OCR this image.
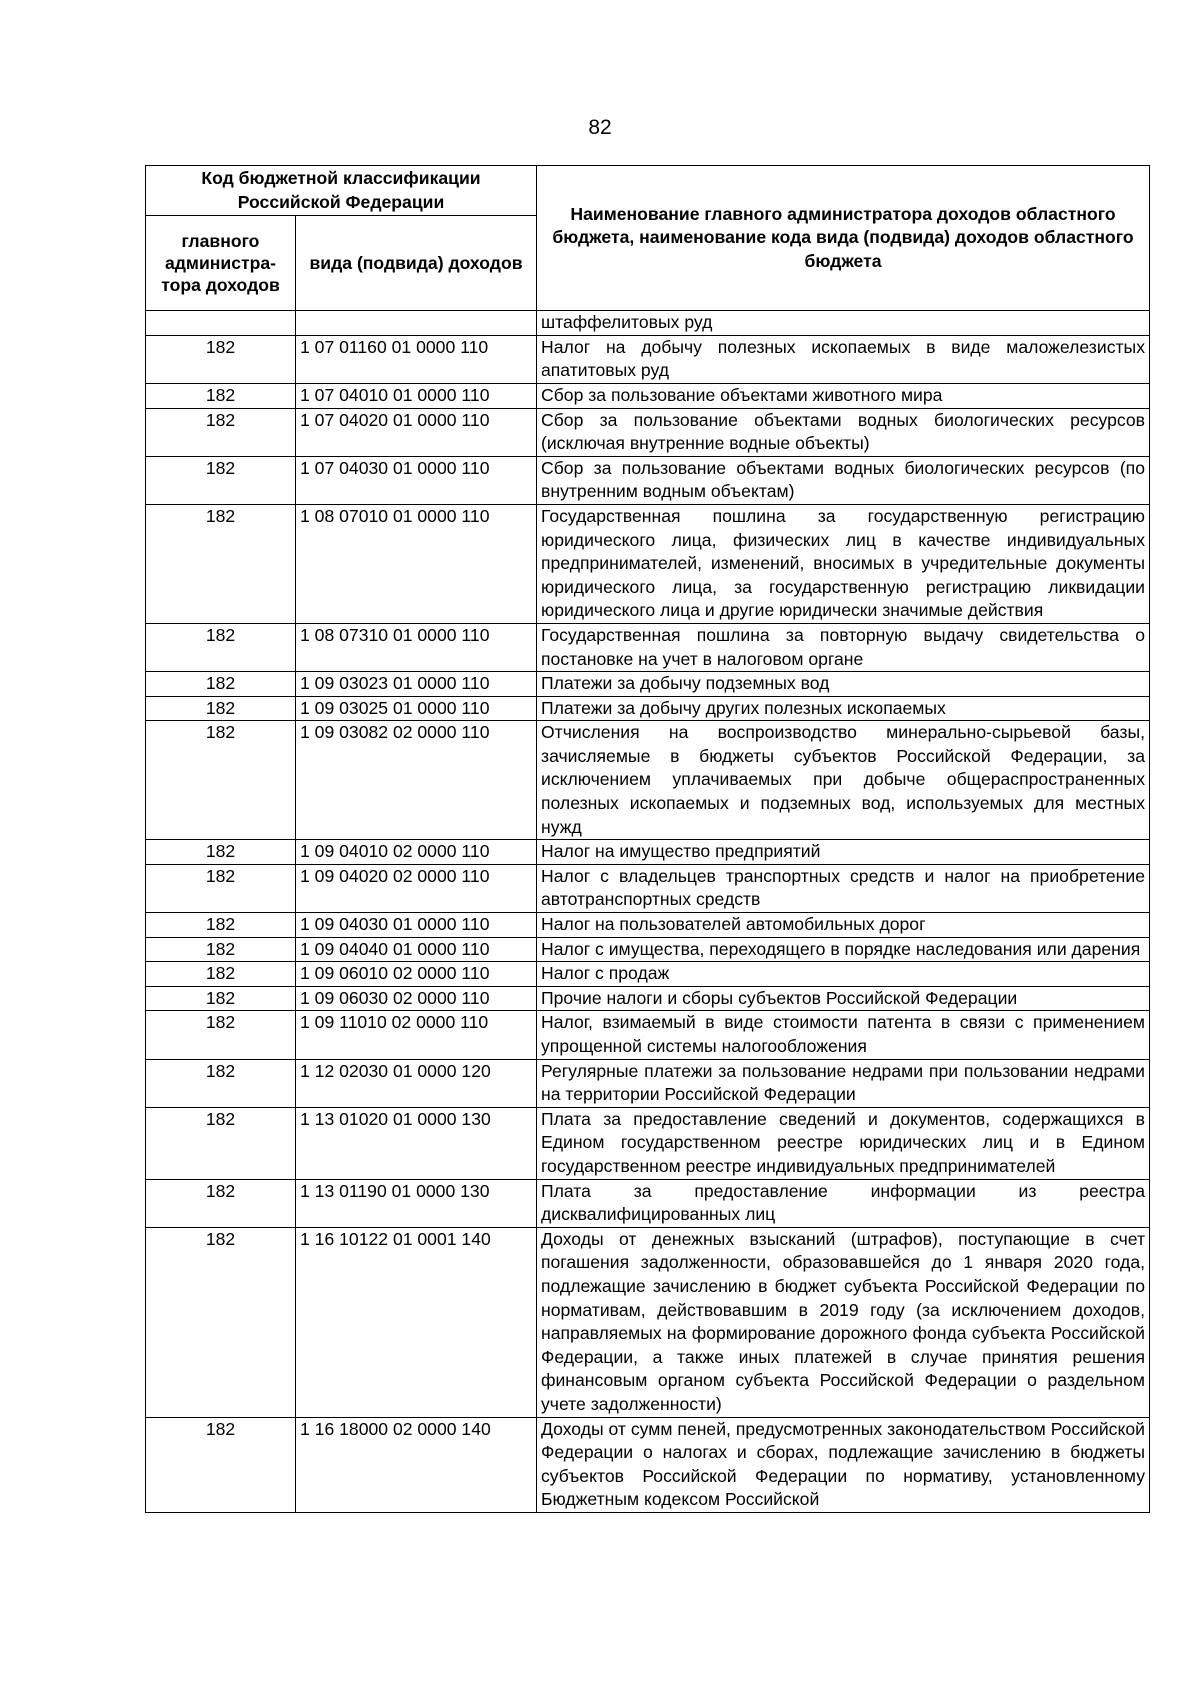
82
Код бюджетной классификации Российской Федерации		Наименование главного администратора доходов областного бюджета, наименование кода вида (подвида) доходов областного бюджета
главного администра-тора доходов	вида (подвида) доходов	
		штаффелитовых руд
182	1 07 01160 01 0000 110	Налог на добычу полезных ископаемых в виде маложелезистых апатитовых руд
182	1 07 04010 01 0000 110	Сбор за пользование объектами животного мира
182	1 07 04020 01 0000 110	Сбор за пользование объектами водных биологических ресурсов (исключая внутренние водные объекты)
182	1 07 04030 01 0000 110	Сбор за пользование объектами водных биологических ресурсов (по внутренним водным объектам)
182	1 08 07010 01 0000 110	Государственная пошлина за государственную регистрацию юридического лица, физических лиц в качестве индивидуальных предпринимателей, изменений, вносимых в учредительные документы юридического лица, за государственную регистрацию ликвидации юридического лица и другие юридически значимые действия
182	1 08 07310 01 0000 110	Государственная пошлина за повторную выдачу свидетельства о постановке на учет в налоговом органе
182	1 09 03023 01 0000 110	Платежи за добычу подземных вод
182	1 09 03025 01 0000 110	Платежи за добычу других полезных ископаемых
182	1 09 03082 02 0000 110	Отчисления на воспроизводство минерально-сырьевой базы, зачисляемые в бюджеты субъектов Российской Федерации, за исключением уплачиваемых при добыче общераспространенных полезных ископаемых и подземных вод, используемых для местных нужд
182	1 09 04010 02 0000 110	Налог на имущество предприятий
182	1 09 04020 02 0000 110	Налог с владельцев транспортных средств и налог на приобретение автотранспортных средств
182	1 09 04030 01 0000 110	Налог на пользователей автомобильных дорог
182	1 09 04040 01 0000 110	Налог с имущества, переходящего в порядке наследования или дарения
182	1 09 06010 02 0000 110	Налог с продаж
182	1 09 06030 02 0000 110	Прочие налоги и сборы субъектов Российской Федерации
182	1 09 11010 02 0000 110	Налог, взимаемый в виде стоимости патента в связи с применением упрощенной системы налогообложения
182	1 12 02030 01 0000 120	Регулярные платежи за пользование недрами при пользовании недрами на территории Российской Федерации
182	1 13 01020 01 0000 130	Плата за предоставление сведений и документов, содержащихся в Едином государственном реестре юридических лиц и в Едином государственном реестре индивидуальных предпринимателей
182	1 13 01190 01 0000 130	Плата за предоставление информации из реестра дисквалифицированных лиц
182	1 16 10122 01 0001 140	Доходы от денежных взысканий (штрафов), поступающие в счет погашения задолженности, образовавшейся до 1 января 2020 года, подлежащие зачислению в бюджет субъекта Российской Федерации по нормативам, действовавшим в 2019 году (за исключением доходов, направляемых на формирование дорожного фонда субъекта Российской Федерации, а также иных платежей в случае принятия решения финансовым органом субъекта Российской Федерации о раздельном учете задолженности)
182	1 16 18000 02 0000 140	Доходы от сумм пеней, предусмотренных законодательством Российской Федерации о налогах и сборах, подлежащие зачислению в бюджеты субъектов Российской Федерации по нормативу, установленному Бюджетным кодексом Российской
